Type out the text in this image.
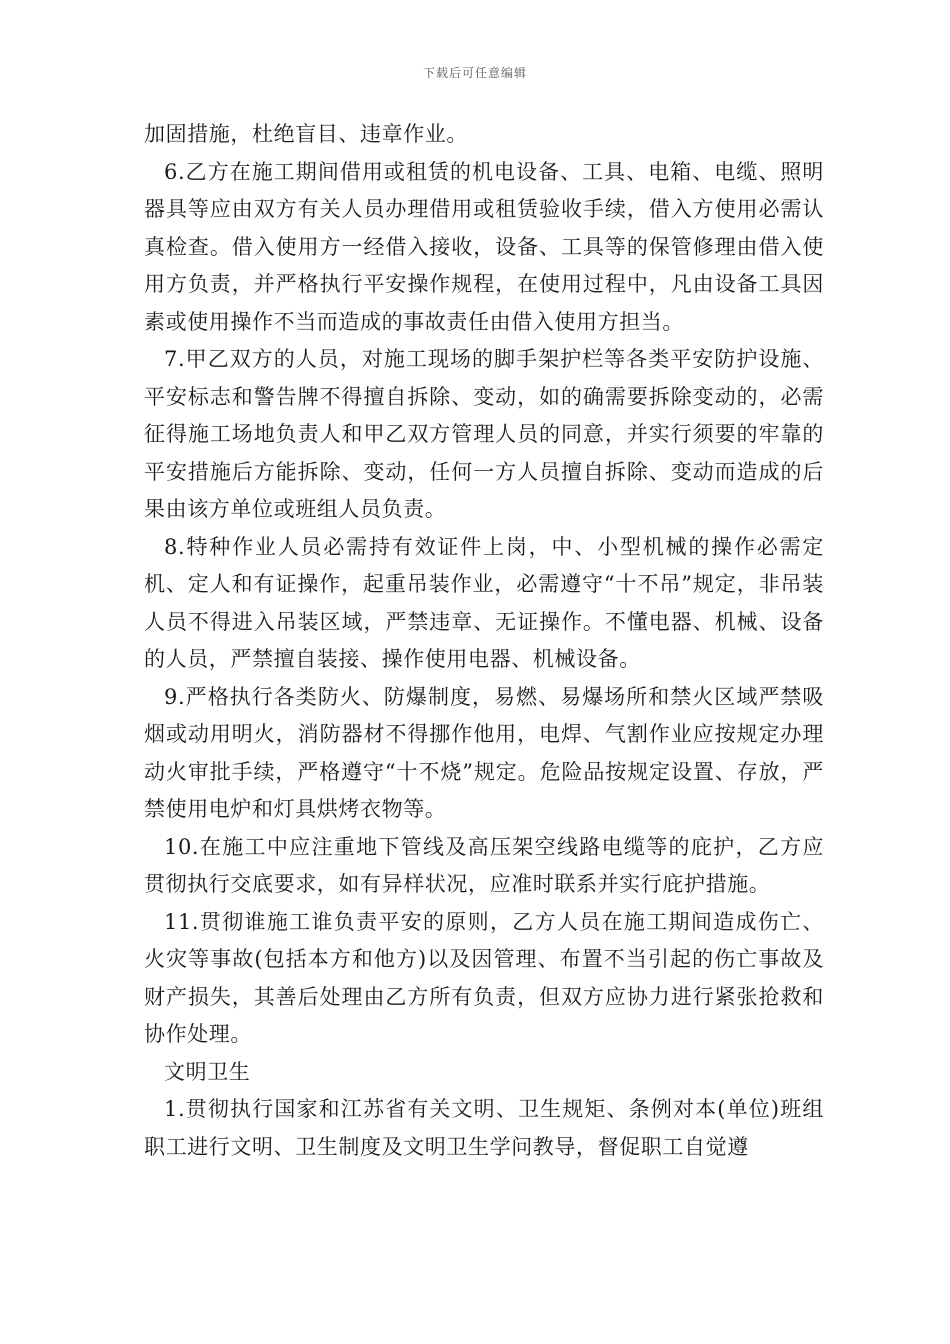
下载后可任意编辑

加固措施，杜绝盲目、违章作业。

6.乙方在施工期间借用或租赁的机电设备、工具、电箱、电缆、照明器具等应由双方有关人员办理借用或租赁验收手续，借入方使用必需认真检查。借入使用方一经借入接收，设备、工具等的保管修理由借入使用方负责，并严格执行平安操作规程，在使用过程中，凡由设备工具因素或使用操作不当而造成的事故责任由借入使用方担当。

7.甲乙双方的人员，对施工现场的脚手架护栏等各类平安防护设施、平安标志和警告牌不得擅自拆除、变动，如的确需要拆除变动的，必需征得施工场地负责人和甲乙双方管理人员的同意，并实行须要的牢靠的平安措施后方能拆除、变动，任何一方人员擅自拆除、变动而造成的后果由该方单位或班组人员负责。

8.特种作业人员必需持有效证件上岗，中、小型机械的操作必需定机、定人和有证操作，起重吊装作业，必需遵守“十不吊”规定，非吊装人员不得进入吊装区域，严禁违章、无证操作。不懂电器、机械、设备的人员，严禁擅自装接、操作使用电器、机械设备。

9.严格执行各类防火、防爆制度，易燃、易爆场所和禁火区域严禁吸烟或动用明火，消防器材不得挪作他用，电焊、气割作业应按规定办理动火审批手续，严格遵守“十不烧”规定。危险品按规定设置、存放，严禁使用电炉和灯具烘烤衣物等。

10.在施工中应注重地下管线及高压架空线路电缆等的庇护，乙方应贯彻执行交底要求，如有异样状况，应准时联系并实行庇护措施。

11.贯彻谁施工谁负责平安的原则，乙方人员在施工期间造成伤亡、火灾等事故(包括本方和他方)以及因管理、布置不当引起的伤亡事故及财产损失，其善后处理由乙方所有负责，但双方应协力进行紧张抢救和协作处理。

文明卫生

1.贯彻执行国家和江苏省有关文明、卫生规矩、条例对本(单位)班组职工进行文明、卫生制度及文明卫生学问教导，督促职工自觉遵
